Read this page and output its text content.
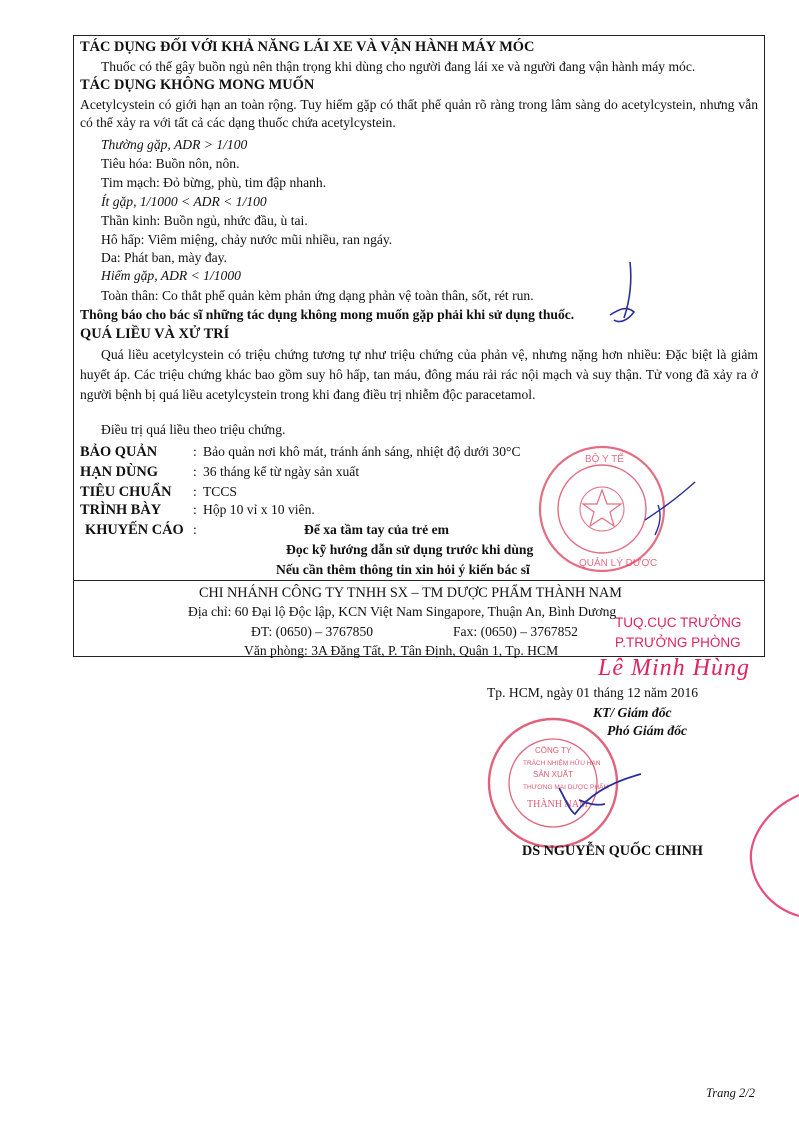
TÁC DỤNG ĐỐI VỚI KHẢ NĂNG LÁI XE VÀ VẬN HÀNH MÁY MÓC
Thuốc có thể gây buồn ngủ nên thận trọng khi dùng cho người đang lái xe và người đang vận hành máy móc.
TÁC DỤNG KHÔNG MONG MUỐN
Acetylcystein có giới hạn an toàn rộng. Tuy hiếm gặp có thất phế quản rõ ràng trong lâm sàng do acetylcystein, nhưng vẫn có thể xảy ra với tất cả các dạng thuốc chứa acetylcystein.
Thường gặp, ADR > 1/100
Tiêu hóa: Buồn nôn, nôn.
Tim mạch: Đỏ bừng, phù, tim đập nhanh.
Ít gặp, 1/1000 < ADR < 1/100
Thần kinh: Buồn ngủ, nhức đầu, ù tai.
Hô hấp: Viêm miệng, chảy nước mũi nhiều, ran ngáy.
Da: Phát ban, mày đay.
Hiếm gặp, ADR < 1/1000
Toàn thân: Co thắt phế quản kèm phản ứng dạng phản vệ toàn thân, sốt, rét run.
Thông báo cho bác sĩ những tác dụng không mong muốn gặp phải khi sử dụng thuốc.
QUÁ LIỀU VÀ XỬ TRÍ
Quá liều acetylcystein có triệu chứng tương tự như triệu chứng của phản vệ, nhưng nặng hơn nhiều: Đặc biệt là giảm huyết áp. Các triệu chứng khác bao gồm suy hô hấp, tan máu, đông máu rải rác nội mạch và suy thận. Tử vong đã xảy ra ở người bệnh bị quá liều acetylcystein trong khi đang điều trị nhiễm độc paracetamol.
Điều trị quá liều theo triệu chứng.
BẢO QUẢN	: Bảo quản nơi khô mát, tránh ánh sáng, nhiệt độ dưới 30°C
HẠN DÙNG	: 36 tháng kể từ ngày sản xuất
TIÊU CHUẨN : TCCS
TRÌNH BÀY : Hộp 10 vỉ x 10 viên.
KHUYẾN CÁO :	Để xa tầm tay của trẻ em
Đọc kỹ hướng dẫn sử dụng trước khi dùng
Nếu cần thêm thông tin xin hỏi ý kiến bác sĩ
CHI NHÁNH CÔNG TY TNHH SX – TM DƯỢC PHẨM THÀNH NAM
Địa chỉ: 60 Đại lộ Độc lập, KCN Việt Nam Singapore, Thuận An, Bình Dương
ĐT: (0650) – 3767850	Fax: (0650) – 3767852
Văn phòng: 3A Đặng Tất, P. Tân Định, Quận 1, Tp. HCM
TUQ.CỤC TRƯỞNG
P.TRƯỞNG PHÒNG
Lê Minh Hùng
BỘ Y TẾ
QUẢN LÝ DƯỢC
Tp. HCM, ngày 01 tháng 12 năm 2016
KT/ Giám đốc
Phó Giám đốc
CÔNG TY
TRÁCH NHIỆM HỮU HẠN
SẢN XUẤT
THƯƠNG MẠI DƯỢC PHẨM
THÀNH NAM
DS NGUYỄN QUỐC CHINH
Trang 2/2
